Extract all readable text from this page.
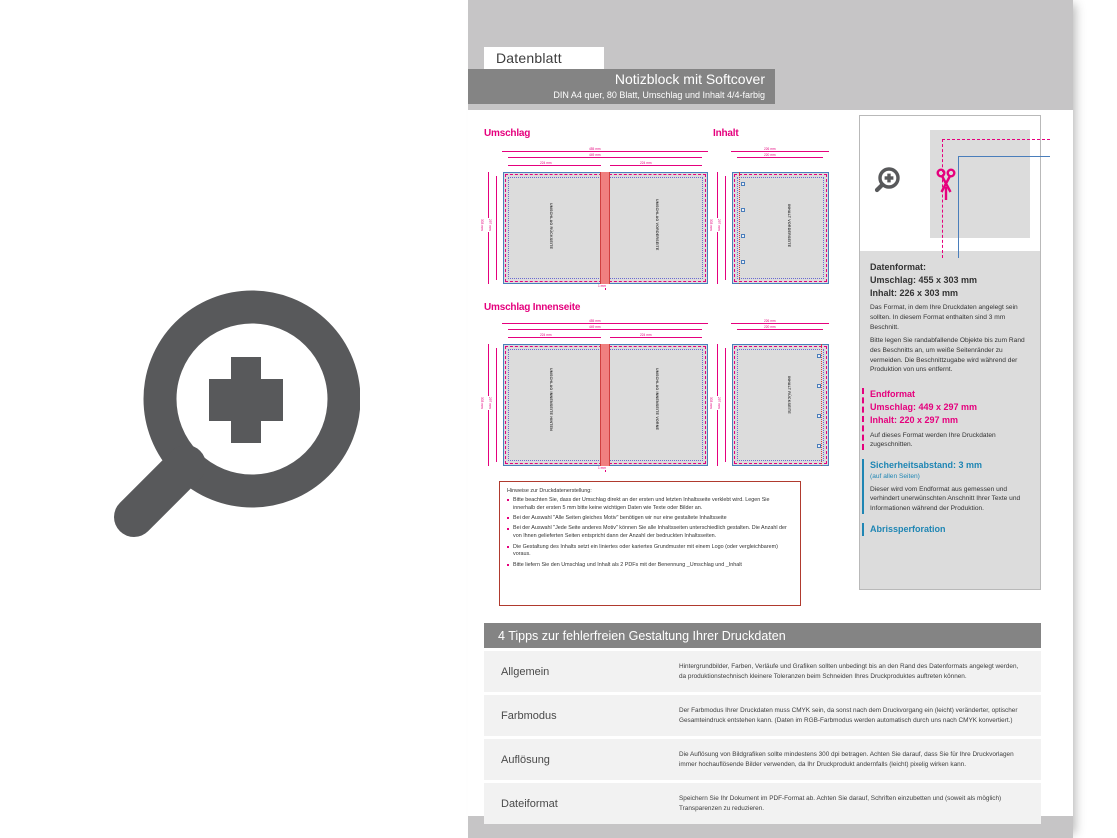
Datenblatt
Notizblock mit Softcover
DIN A4 quer, 80 Blatt, Umschlag und Inhalt 4/4-farbig
Umschlag	Inhalt
Umschlag Innenseite
455 mm
449 mm
224 mm	224 mm
303 mm 297 mm
1 mm
UMSCHLAG RÜCKSEITE	UMSCHLAG VORDERSEITE
226 mm
220 mm
303 mm 297 mm	INHALT VORDERSEITE
455 mm
449 mm
224 mm	224 mm
303 mm 297 mm
1 mm
UMSCHLAG INNENSEITE HINTEN	UMSCHLAG INNENSEITE VORNE
226 mm
220 mm
303 mm 297 mm	INHALT RÜCKSEITE
Hinweise zur Druckdatenerstellung:
Bitte beachten Sie, dass der Umschlag direkt an der ersten und letzten Inhaltsseite verklebt wird. Legen Sie innerhalb der ersten 5 mm bitte keine wichtigen Daten wie Texte oder Bilder an.
Bei der Auswahl "Alle Seiten gleiches Motiv" benötigen wir nur eine gestaltete Inhaltsseite
Bei der Auswahl "Jede Seite anderes Motiv" können Sie alle Inhaltsseiten unterschiedlich gestalten. Die Anzahl der von Ihnen gelieferten Seiten entspricht dann der Anzahl der bedruckten Inhaltsseiten.
Die Gestaltung des Inhalts setzt ein liniertes oder kariertes Grundmuster mit einem Logo (oder vergleichbarem) voraus.
Bitte liefern Sie den Umschlag und Inhalt als 2 PDFs mit der Benennung _Umschlag und _Inhalt
Datenformat:
Umschlag: 455 x 303 mm
Inhalt: 226 x 303 mm
Das Format, in dem Ihre Druckdaten angelegt sein sollten. In diesem Format enthalten sind 3 mm Beschnitt.
Bitte legen Sie randabfallende Objekte bis zum Rand des Beschnitts an, um weiße Seitenränder zu vermeiden. Die Beschnittzugabe wird während der Produktion von uns entfernt.
Endformat
Umschlag: 449 x 297 mm
Inhalt: 220 x 297 mm
Auf dieses Format werden Ihre Druckdaten zugeschnitten.
Sicherheitsabstand: 3 mm
(auf allen Seiten)
Dieser wird vom Endformat aus gemessen und verhindert unerwünschten Anschnitt Ihrer Texte und Informationen während der Produktion.
Abrissperforation
4 Tipps zur fehlerfreien Gestaltung Ihrer Druckdaten
Allgemein	Hintergrundbilder, Farben, Verläufe und Grafiken sollten unbedingt bis an den Rand des Datenformats angelegt werden, da produktionstechnisch kleinere Toleranzen beim Schneiden Ihres Druckproduktes auftreten können.
Farbmodus	Der Farbmodus Ihrer Druckdaten muss CMYK sein, da sonst nach dem Druckvorgang ein (leicht) veränderter, optischer Gesamteindruck entstehen kann. (Daten im RGB-Farbmodus werden automatisch durch uns nach CMYK konvertiert.)
Auflösung	Die Auflösung von Bildgrafiken sollte mindestens 300 dpi betragen. Achten Sie darauf, dass Sie für Ihre Druckvorlagen immer hochauflösende Bilder verwenden, da Ihr Druckprodukt andernfalls (leicht) pixelig wirken kann.
Dateiformat	Speichern Sie Ihr Dokument im PDF-Format ab. Achten Sie darauf, Schriften einzubetten und (soweit als möglich) Transparenzen zu reduzieren.
